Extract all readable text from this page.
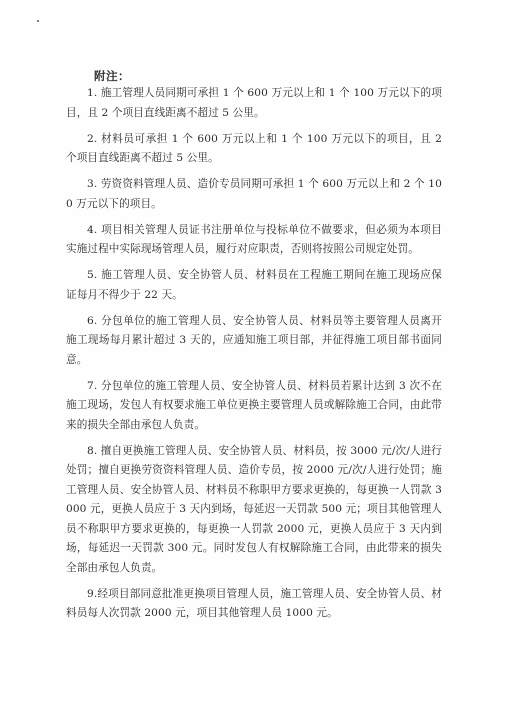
附注：
1. 施工管理人员同期可承担 1 个 600 万元以上和 1 个 100 万元以下的项目，且 2 个项目直线距离不超过 5 公里。
2. 材料员可承担 1 个 600 万元以上和 1 个 100 万元以下的项目，且 2 个项目直线距离不超过 5 公里。
3. 劳资资料管理人员、造价专员同期可承担 1 个 600 万元以上和 2 个 100 万元以下的项目。
4. 项目相关管理人员证书注册单位与投标单位不做要求，但必须为本项目实施过程中实际现场管理人员，履行对应职责，否则将按照公司规定处罚。
5. 施工管理人员、安全协管人员、材料员在工程施工期间在施工现场应保证每月不得少于 22 天。
6. 分包单位的施工管理人员、安全协管人员、材料员等主要管理人员离开施工现场每月累计超过 3 天的，应通知施工项目部，并征得施工项目部书面同意。
7. 分包单位的施工管理人员、安全协管人员、材料员若累计达到 3 次不在施工现场，发包人有权要求施工单位更换主要管理人员或解除施工合同，由此带来的损失全部由承包人负责。
8. 擅自更换施工管理人员、安全协管人员、材料员，按 3000 元/次/人进行处罚；擅自更换劳资资料管理人员、造价专员，按 2000 元/次/人进行处罚；施工管理人员、安全协管人员、材料员不称职甲方要求更换的，每更换一人罚款 3000 元，更换人员应于 3 天内到场，每延迟一天罚款 500 元；项目其他管理人员不称职甲方要求更换的，每更换一人罚款 2000 元，更换人员应于 3 天内到场，每延迟一天罚款 300 元。同时发包人有权解除施工合同，由此带来的损失全部由承包人负责。
9.经项目部同意批准更换项目管理人员，施工管理人员、安全协管人员、材料员每人次罚款 2000 元，项目其他管理人员 1000 元。
